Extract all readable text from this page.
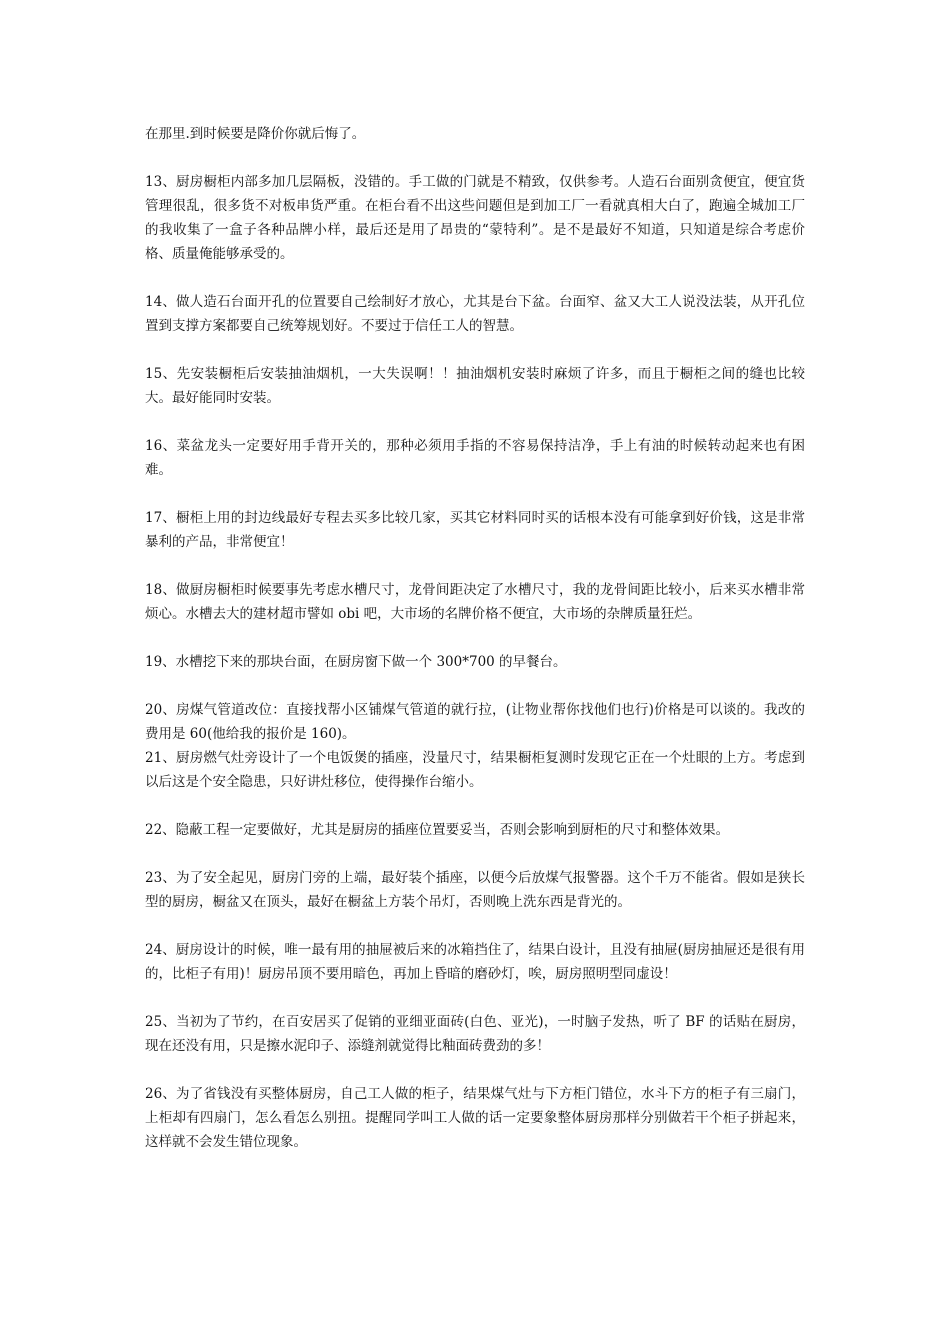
在那里.到时候要是降价你就后悔了。

13、厨房橱柜内部多加几层隔板，没错的。手工做的门就是不精致，仅供参考。人造石台面别贪便宜，便宜货管理很乱，很多货不对板串货严重。在柜台看不出这些问题但是到加工厂一看就真相大白了，跑遍全城加工厂的我收集了一盒子各种品牌小样，最后还是用了昂贵的“蒙特利”。是不是最好不知道，只知道是综合考虑价格、质量俺能够承受的。

14、做人造石台面开孔的位置要自己绘制好才放心，尤其是台下盆。台面窄、盆又大工人说没法装，从开孔位置到支撑方案都要自己统筹规划好。不要过于信任工人的智慧。

15、先安装橱柜后安装抽油烟机，一大失误啊！！抽油烟机安装时麻烦了许多，而且于橱柜之间的缝也比较大。最好能同时安装。

16、菜盆龙头一定要好用手背开关的，那种必须用手指的不容易保持洁净，手上有油的时候转动起来也有困难。

17、橱柜上用的封边线最好专程去买多比较几家，买其它材料同时买的话根本没有可能拿到好价钱，这是非常暴利的产品，非常便宜！

18、做厨房橱柜时候要事先考虑水槽尺寸，龙骨间距决定了水槽尺寸，我的龙骨间距比较小，后来买水槽非常烦心。水槽去大的建材超市譬如 obi 吧，大市场的名牌价格不便宜，大市场的杂牌质量狂烂。

19、水槽挖下来的那块台面，在厨房窗下做一个 300*700 的早餐台。

20、房煤气管道改位：直接找帮小区铺煤气管道的就行拉，(让物业帮你找他们也行)价格是可以谈的。我改的费用是 60(他给我的报价是 160)。

21、厨房燃气灶旁设计了一个电饭煲的插座，没量尺寸，结果橱柜复测时发现它正在一个灶眼的上方。考虑到以后这是个安全隐患，只好讲灶移位，使得操作台缩小。

22、隐蔽工程一定要做好，尤其是厨房的插座位置要妥当，否则会影响到厨柜的尺寸和整体效果。

23、为了安全起见，厨房门旁的上端，最好装个插座，以便今后放煤气报警器。这个千万不能省。假如是狭长型的厨房，橱盆又在顶头，最好在橱盆上方装个吊灯，否则晚上洗东西是背光的。

24、厨房设计的时候，唯一最有用的抽屉被后来的冰箱挡住了，结果白设计，且没有抽屉(厨房抽屉还是很有用的，比柜子有用)！厨房吊顶不要用暗色，再加上昏暗的磨砂灯，唉，厨房照明型同虚设！

25、当初为了节约，在百安居买了促销的亚细亚面砖(白色、亚光)，一时脑子发热，听了 BF 的话贴在厨房，现在还没有用，只是擦水泥印子、添缝剂就觉得比釉面砖费劲的多！

26、为了省钱没有买整体厨房，自己工人做的柜子，结果煤气灶与下方柜门错位，水斗下方的柜子有三扇门，上柜却有四扇门，怎么看怎么别扭。提醒同学叫工人做的话一定要象整体厨房那样分别做若干个柜子拼起来，这样就不会发生错位现象。
